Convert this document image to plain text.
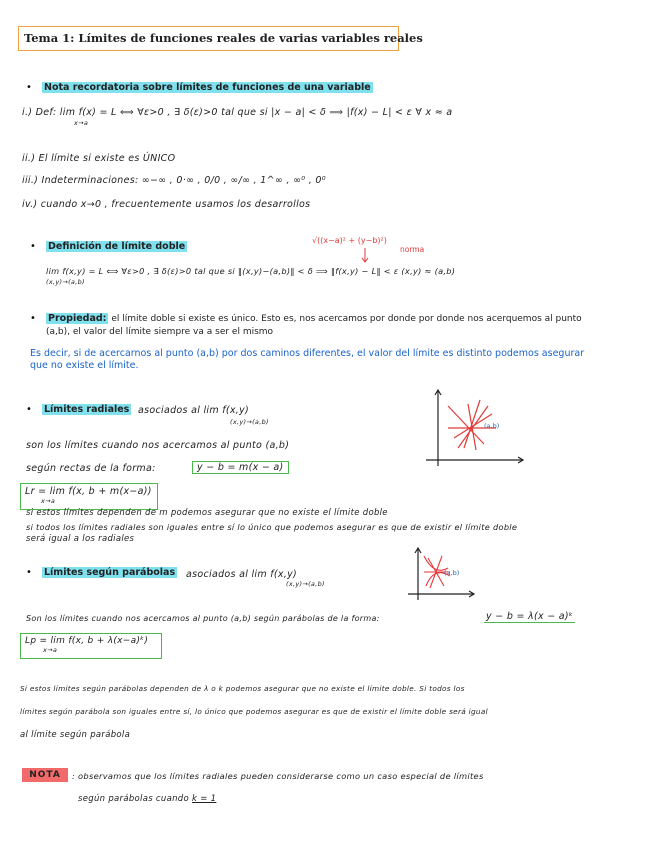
Tema 1: Límites de funciones reales de varias variables reales
• Nota recordatoria sobre límites de funciones de una variable
i.) Def: lim f(x) = L ⟺ ∀ε>0 , ∃ δ(ε)>0 tal que si |x − a| < δ ⟹ |f(x) − L| < ε ∀ x ≈ a
x→a
ii.) El límite si existe es ÚNICO
iii.) Indeterminaciones: ∞−∞ , 0·∞ , 0/0 , ∞/∞ , 1^∞ , ∞⁰ , 0⁰
iv.) cuando x→0 , frecuentemente usamos los desarrollos
• Definición de límite doble
√((x−a)² + (y−b)²)
norma
lim f(x,y) = L ⟺ ∀ε>0 , ∃ δ(ε)>0 tal que si ‖(x,y)−(a,b)‖ < δ ⟹ ‖f(x,y) − L‖ < ε (x,y) ≈ (a,b)
(x,y)→(a,b)
• Propiedad: el límite doble si existe es único. Esto es, nos acercamos por donde por donde nos acerquemos al punto (a,b), el valor del límite siempre va a ser el mismo
Es decir, si de acercarnos al punto (a,b) por dos caminos diferentes, el valor del límite es distinto podemos asegurar que no existe el límite.
• Límites radiales asociados al lim f(x,y)
(x,y)→(a,b)
son los límites cuando nos acercamos al punto (a,b)
según rectas de la forma:	y − b = m(x − a)
Lr = lim f(x, b + m(x−a))
x→a
si estos límites dependen de m podemos asegurar que no existe el límite doble
si todos los límites radiales son iguales entre sí lo único que podemos asegurar es que de existir el límite doble
será igual a los radiales
(a,b)
• Límites según parábolas asociados al lim f(x,y)
(x,y)→(a,b)
(a,b)
Son los límites cuando nos acercamos al punto (a,b) según parábolas de la forma:	y − b = λ(x − a)ᵏ
Lp = lim f(x, b + λ(x−a)ᵏ)
x→a
Si estos límites según parábolas dependen de λ o k podemos asegurar que no existe el límite doble. Si todos los
límites según parábola son iguales entre sí, lo único que podemos asegurar es que de existir el límite doble será igual
al límite según parábola
NOTA	: observamos que los límites radiales pueden considerarse como un caso especial de límites
según parábolas cuando k = 1
